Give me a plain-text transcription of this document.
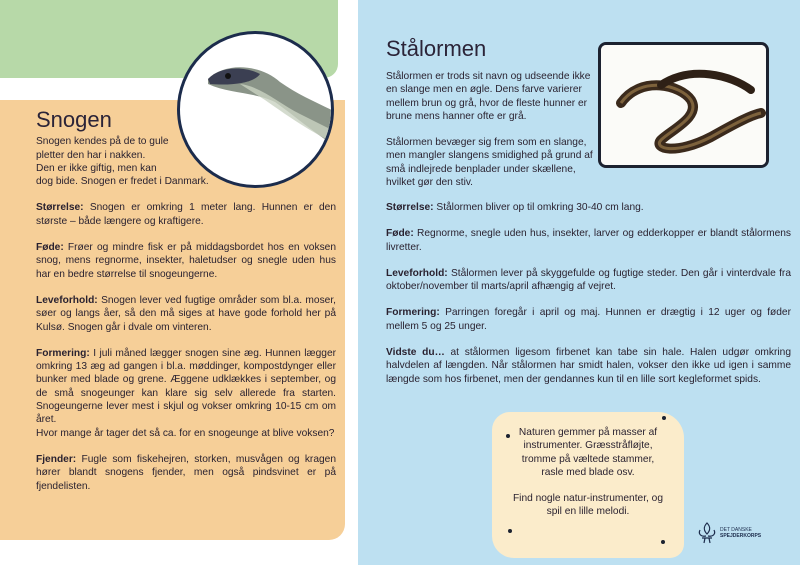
Snogen

Snogen kendes på de to gule
pletter den har i nakken.
Den er ikke giftig, men kan
dog bide. Snogen er fredet i Danmark.

Størrelse: Snogen er omkring 1 meter lang. Hunnen er den største – både længere og kraftigere.

Føde: Frøer og mindre fisk er på middagsbordet hos en voksen snog, mens regnorme, insekter, haletudser og snegle uden hus har en bedre størrelse til snogeungerne.

Leveforhold: Snogen lever ved fugtige områder som bl.a. moser, søer og langs åer, så den må siges at have gode forhold her på Kulsø. Snogen går i dvale om vinteren.

Formering: I juli måned lægger snogen sine æg. Hunnen lægger omkring 13 æg ad gangen i bl.a. møddinger, kompostdynger eller bunker med blade og grene. Æggene udklækkes i september, og de små snogeunger kan klare sig selv allerede fra starten. Snogeungerne lever mest i skjul og vokser omkring 10-15 cm om året.
Hvor mange år tager det så ca. for en snogeunge at blive voksen?

Fjender: Fugle som fiskehejren, storken, musvågen og kragen hører blandt snogens fjender, men også pindsvinet er på fjendelisten.

Stålormen

Stålormen er trods sit navn og udseende ikke en slange men en øgle. Dens farve varierer mellem brun og grå, hvor de fleste hunner er brune mens hanner ofte er grå.

Stålormen bevæger sig frem som en slange, men mangler slangens smidighed på grund af små indlejrede benplader under skællene, hvilket gør den stiv.

Størrelse: Stålormen bliver op til omkring 30-40 cm lang.

Føde: Regnorme, snegle uden hus, insekter, larver og edderkopper er blandt stålormens livretter.

Leveforhold: Stålormen lever på skyggefulde og fugtige steder. Den går i vinterdvale fra oktober/november til marts/april afhængig af vejret.

Formering: Parringen foregår i april og maj. Hunnen er drægtig i 12 uger og føder mellem 5 og 25 unger.

Vidste du… at stålormen ligesom firbenet kan tabe sin hale. Halen udgør omkring halvdelen af længden. Når stålormen har smidt halen, vokser den ikke ud igen i samme længde som hos firbenet, men der gendannes kun til en lille sort kegleformet spids.

Naturen gemmer på masser af instrumenter. Græsstråfløjte, tromme på væltede stammer, rasle med blade osv.

Find nogle natur-instrumenter, og spil en lille melodi.

DET DANSKE
SPEJDERKORPS
